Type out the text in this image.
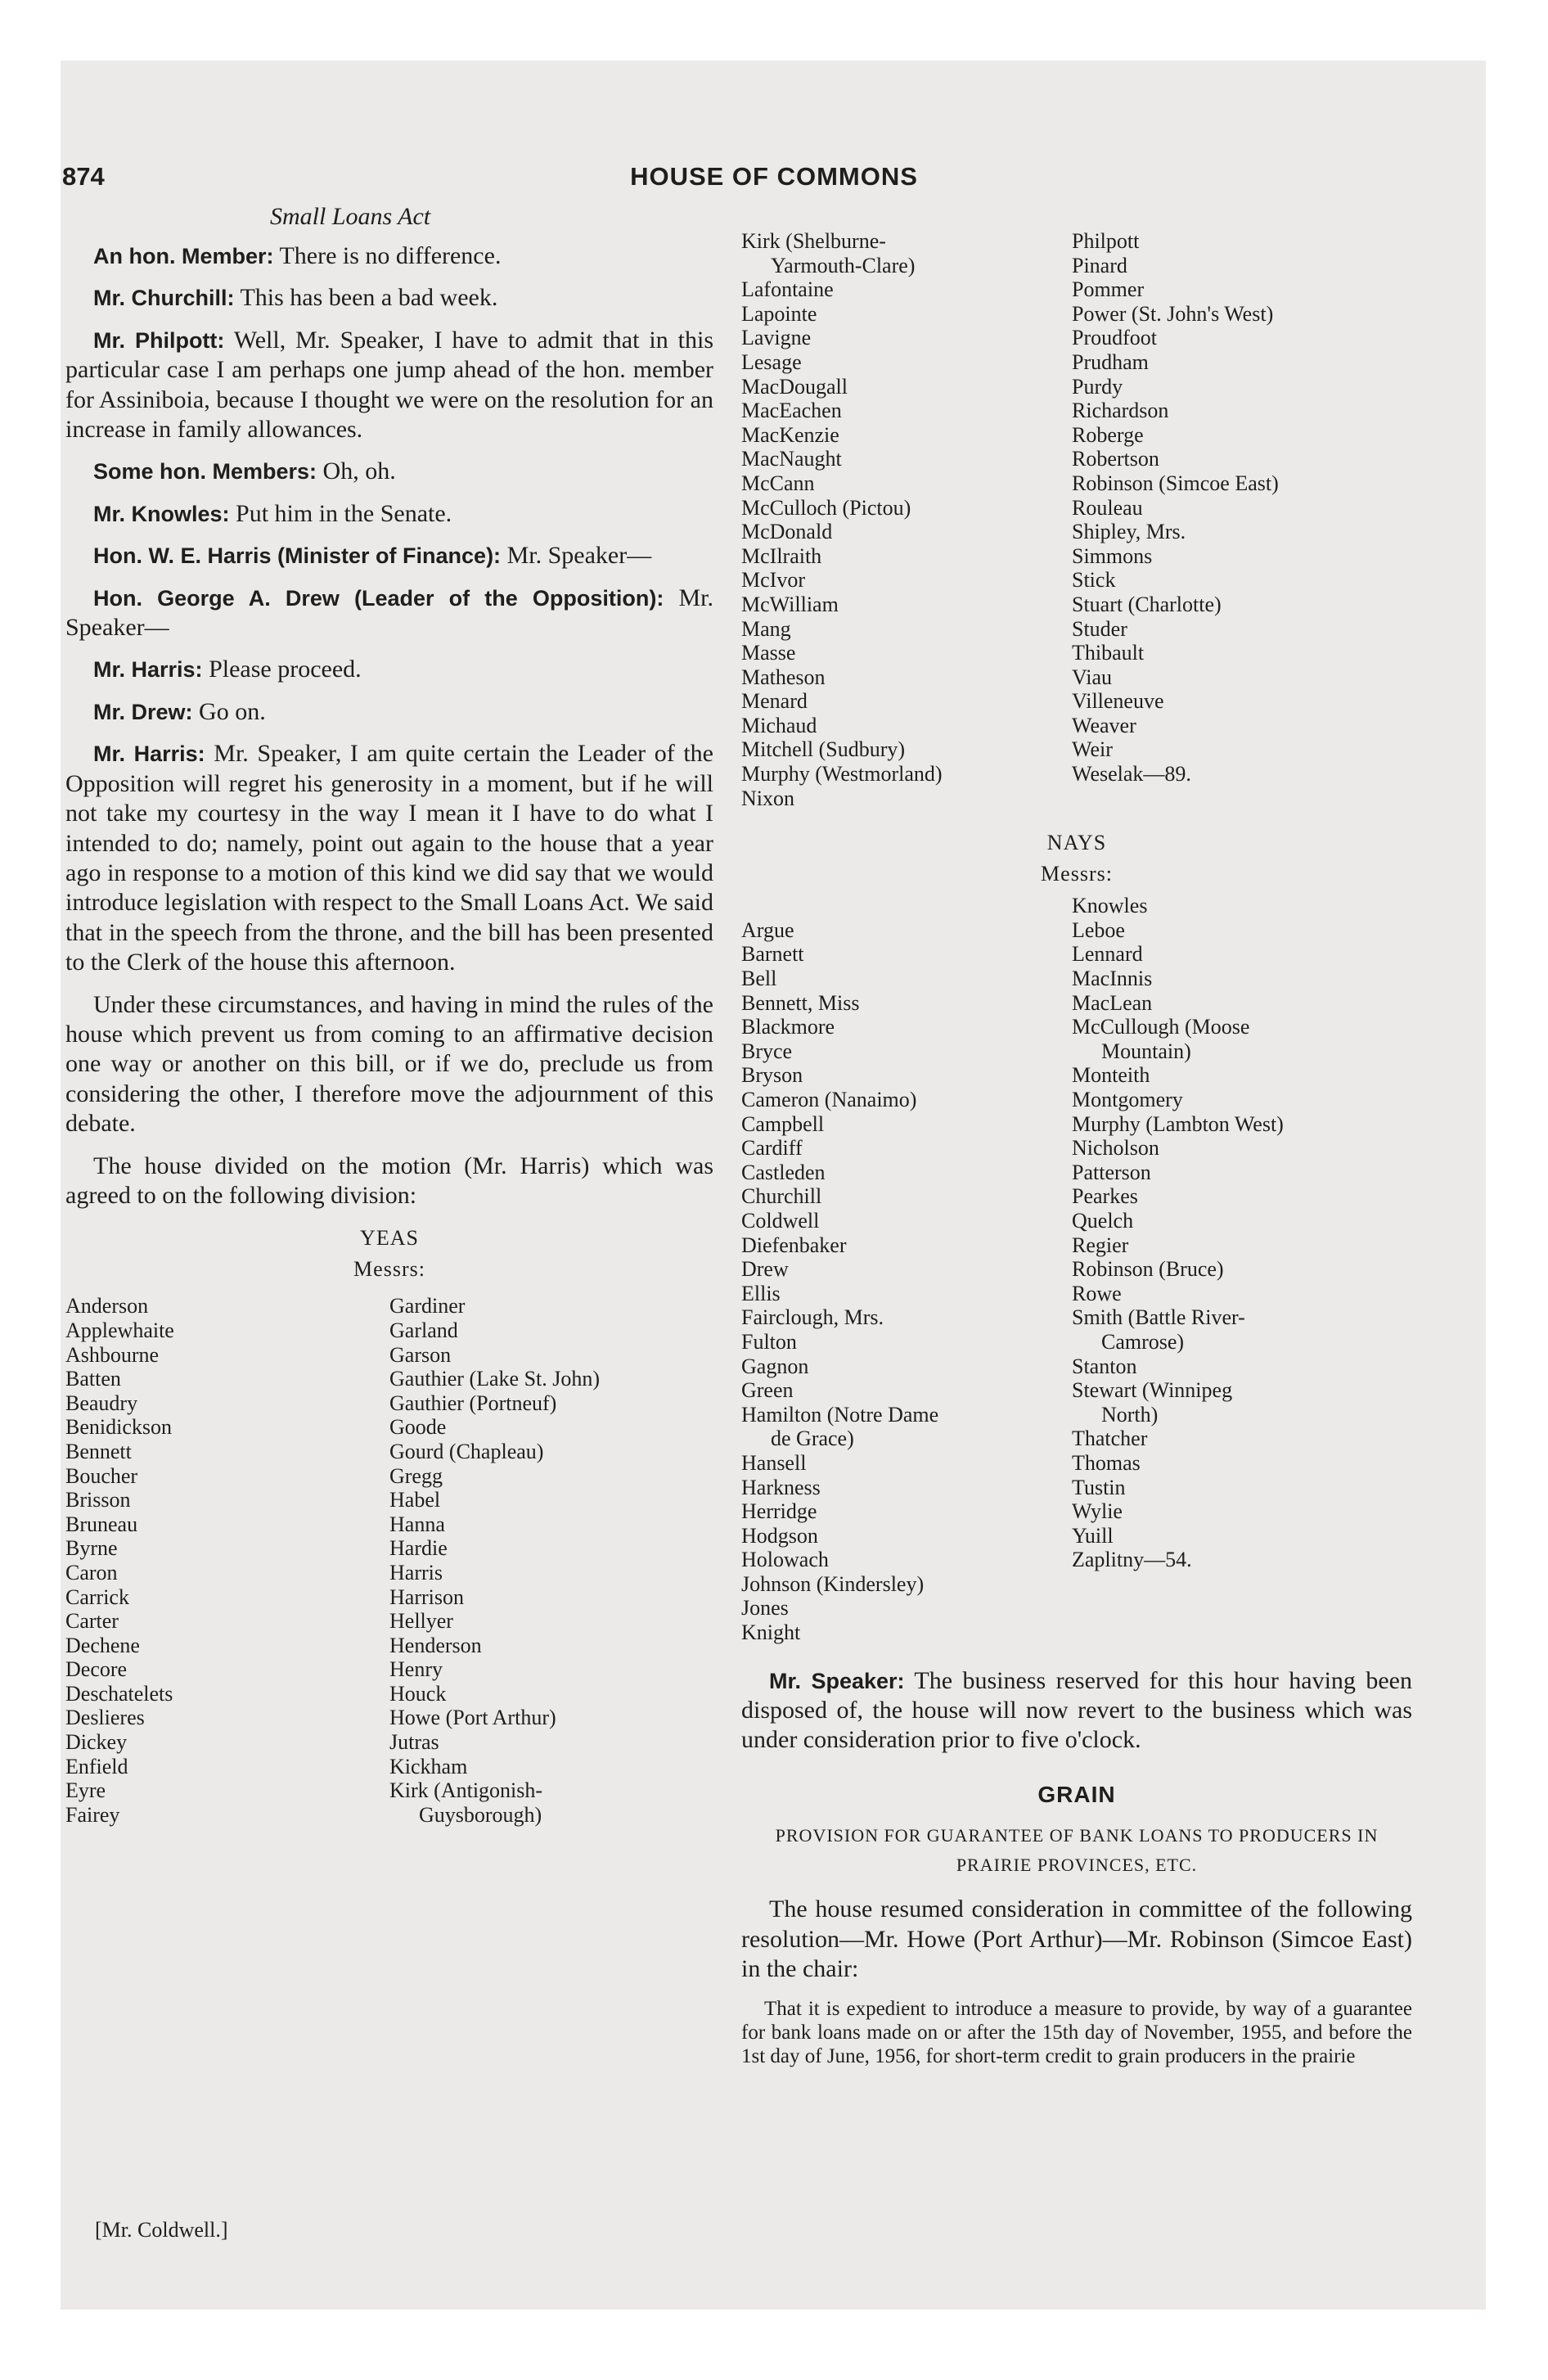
874	HOUSE OF COMMONS
Small Loans Act

An hon. Member: There is no difference.

Mr. Churchill: This has been a bad week.

Mr. Philpott: Well, Mr. Speaker, I have to admit that in this particular case I am perhaps one jump ahead of the hon. member for Assiniboia, because I thought we were on the resolution for an increase in family allowances.

Some hon. Members: Oh, oh.

Mr. Knowles: Put him in the Senate.

Hon. W. E. Harris (Minister of Finance): Mr. Speaker—

Hon. George A. Drew (Leader of the Opposition): Mr. Speaker—

Mr. Harris: Please proceed.

Mr. Drew: Go on.

Mr. Harris: Mr. Speaker, I am quite certain the Leader of the Opposition will regret his generosity in a moment, but if he will not take my courtesy in the way I mean it I have to do what I intended to do; namely, point out again to the house that a year ago in response to a motion of this kind we did say that we would introduce legislation with respect to the Small Loans Act. We said that in the speech from the throne, and the bill has been presented to the Clerk of the house this afternoon.

Under these circumstances, and having in mind the rules of the house which prevent us from coming to an affirmative decision one way or another on this bill, or if we do, preclude us from considering the other, I therefore move the adjournment of this debate.

The house divided on the motion (Mr. Harris) which was agreed to on the following division:

YEAS
Messrs:
Anderson
Applewhaite
Ashbourne
Batten
Beaudry
Benidickson
Bennett
Boucher
Brisson
Bruneau
Byrne
Caron
Carrick
Carter
Dechene
Decore
Deschatelets
Deslieres
Dickey
Enfield
Eyre
Fairey
Gardiner
Garland
Garson
Gauthier (Lake St. John)
Gauthier (Portneuf)
Goode
Gourd (Chapleau)
Gregg
Habel
Hanna
Hardie
Harris
Harrison
Hellyer
Henderson
Henry
Houck
Howe (Port Arthur)
Jutras
Kickham
Kirk (Antigonish-
Guysborough)
Kirk (Shelburne-
Yarmouth-Clare)
Lafontaine
Lapointe
Lavigne
Lesage
MacDougall
MacEachen
MacKenzie
MacNaught
McCann
McCulloch (Pictou)
McDonald
McIlraith
McIvor
McWilliam
Mang
Masse
Matheson
Menard
Michaud
Mitchell (Sudbury)
Murphy (Westmorland)
Nixon
Philpott
Pinard
Pommer
Power (St. John's West)
Proudfoot
Prudham
Purdy
Richardson
Roberge
Robertson
Robinson (Simcoe East)
Rouleau
Shipley, Mrs.
Simmons
Stick
Stuart (Charlotte)
Studer
Thibault
Viau
Villeneuve
Weaver
Weir
Weselak—89.
NAYS
Messrs:
Argue
Barnett
Bell
Bennett, Miss
Blackmore
Bryce
Bryson
Cameron (Nanaimo)
Campbell
Cardiff
Castleden
Churchill
Coldwell
Diefenbaker
Drew
Ellis
Fairclough, Mrs.
Fulton
Gagnon
Green
Hamilton (Notre Dame
de Grace)
Hansell
Harkness
Herridge
Hodgson
Holowach
Johnson (Kindersley)
Jones
Knight
Knowles
Leboe
Lennard
MacInnis
MacLean
McCullough (Moose
Mountain)
Monteith
Montgomery
Murphy (Lambton West)
Nicholson
Patterson
Pearkes
Quelch
Regier
Robinson (Bruce)
Rowe
Smith (Battle River-
Camrose)
Stanton
Stewart (Winnipeg
North)
Thatcher
Thomas
Tustin
Wylie
Yuill
Zaplitny—54.

Mr. Speaker: The business reserved for this hour having been disposed of, the house will now revert to the business which was under consideration prior to five o'clock.

GRAIN
PROVISION FOR GUARANTEE OF BANK LOANS TO PRODUCERS IN PRAIRIE PROVINCES, ETC.

The house resumed consideration in committee of the following resolution—Mr. Howe (Port Arthur)—Mr. Robinson (Simcoe East) in the chair:

That it is expedient to introduce a measure to provide, by way of a guarantee for bank loans made on or after the 15th day of November, 1955, and before the 1st day of June, 1956, for short-term credit to grain producers in the prairie

[Mr. Coldwell.]
